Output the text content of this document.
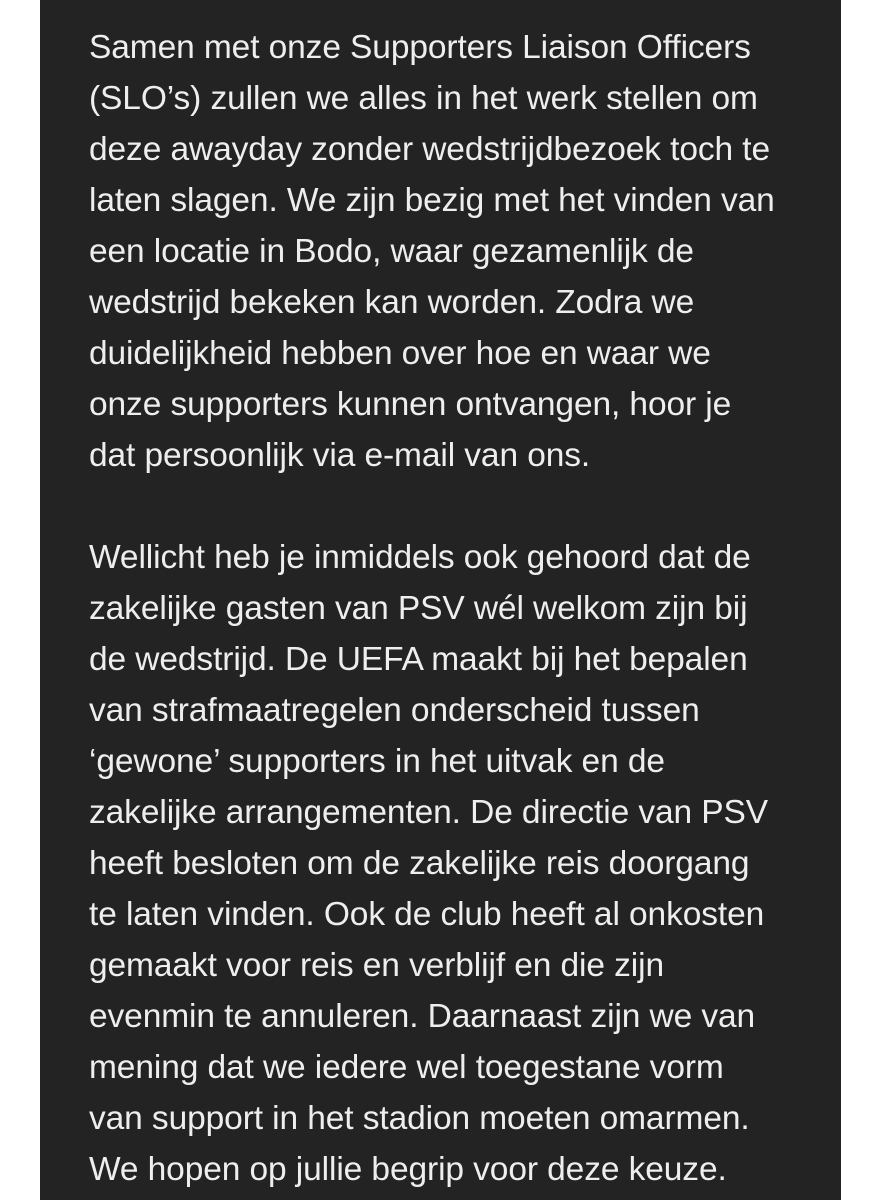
Samen met onze Supporters Liaison Officers
(SLO’s) zullen we alles in het werk stellen om
deze awayday zonder wedstrijdbezoek toch te
laten slagen. We zijn bezig met het vinden van
een locatie in Bodo, waar gezamenlijk de
wedstrijd bekeken kan worden. Zodra we
duidelijkheid hebben over hoe en waar we
onze supporters kunnen ontvangen, hoor je
dat persoonlijk via e-mail van ons.

Wellicht heb je inmiddels ook gehoord dat de
zakelijke gasten van PSV wél welkom zijn bij
de wedstrijd. De UEFA maakt bij het bepalen
van strafmaatregelen onderscheid tussen
‘gewone’ supporters in het uitvak en de
zakelijke arrangementen. De directie van PSV
heeft besloten om de zakelijke reis doorgang
te laten vinden. Ook de club heeft al onkosten
gemaakt voor reis en verblijf en die zijn
evenmin te annuleren. Daarnaast zijn we van
mening dat we iedere wel toegestane vorm
van support in het stadion moeten omarmen.
We hopen op jullie begrip voor deze keuze.
